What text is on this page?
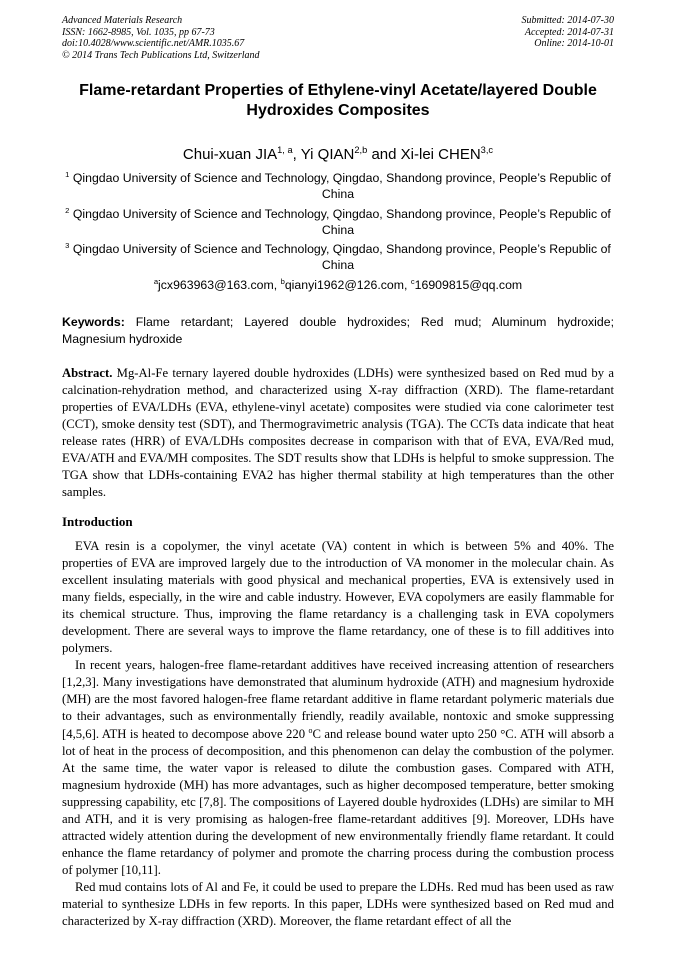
Advanced Materials Research
ISSN: 1662-8985, Vol. 1035, pp 67-73
doi:10.4028/www.scientific.net/AMR.1035.67
© 2014 Trans Tech Publications Ltd, Switzerland
Submitted: 2014-07-30
Accepted: 2014-07-31
Online: 2014-10-01
Flame-retardant Properties of Ethylene-vinyl Acetate/layered Double Hydroxides Composites
Chui-xuan JIA$^{1, a}$, Yi QIAN$^{2,b}$ and Xi-lei CHEN$^{3,c}$
$^1$ Qingdao University of Science and Technology, Qingdao, Shandong province, People’s Republic of China
$^2$ Qingdao University of Science and Technology, Qingdao, Shandong province, People’s Republic of China
$^3$ Qingdao University of Science and Technology, Qingdao, Shandong province, People’s Republic of China
$^a$jcx963963@163.com, $^b$qianyi1962@126.com, $^c$16909815@qq.com
Keywords: Flame retardant; Layered double hydroxides; Red mud; Aluminum hydroxide; Magnesium hydroxide
Abstract. Mg-Al-Fe ternary layered double hydroxides (LDHs) were synthesized based on Red mud by a calcination-rehydration method, and characterized using X-ray diffraction (XRD). The flame-retardant properties of EVA/LDHs (EVA, ethylene-vinyl acetate) composites were studied via cone calorimeter test (CCT), smoke density test (SDT), and Thermogravimetric analysis (TGA). The CCTs data indicate that heat release rates (HRR) of EVA/LDHs composites decrease in comparison with that of EVA, EVA/Red mud, EVA/ATH and EVA/MH composites. The SDT results show that LDHs is helpful to smoke suppression. The TGA show that LDHs-containing EVA2 has higher thermal stability at high temperatures than the other samples.
Introduction

EVA resin is a copolymer, the vinyl acetate (VA) content in which is between 5% and 40%. The properties of EVA are improved largely due to the introduction of VA monomer in the molecular chain. As excellent insulating materials with good physical and mechanical properties, EVA is extensively used in many fields, especially, in the wire and cable industry. However, EVA copolymers are easily flammable for its chemical structure. Thus, improving the flame retardancy is a challenging task in EVA copolymers development. There are several ways to improve the flame retardancy, one of these is to fill additives into polymers.

In recent years, halogen-free flame-retardant additives have received increasing attention of researchers [1,2,3]. Many investigations have demonstrated that aluminum hydroxide (ATH) and magnesium hydroxide (MH) are the most favored halogen-free flame retardant additive in flame retardant polymeric materials due to their advantages, such as environmentally friendly, readily available, nontoxic and smoke suppressing [4,5,6]. ATH is heated to decompose above 220 $^o$C and release bound water upto 250 °C. ATH will absorb a lot of heat in the process of decomposition, and this phenomenon can delay the combustion of the polymer. At the same time, the water vapor is released to dilute the combustion gases. Compared with ATH, magnesium hydroxide (MH) has more advantages, such as higher decomposed temperature, better smoking suppressing capability, etc [7,8]. The compositions of Layered double hydroxides (LDHs) are similar to MH and ATH, and it is very promising as halogen-free flame-retardant additives [9]. Moreover, LDHs have attracted widely attention during the development of new environmentally friendly flame retardant. It could enhance the flame retardancy of polymer and promote the charring process during the combustion process of polymer [10,11].

Red mud contains lots of Al and Fe, it could be used to prepare the LDHs. Red mud has been used as raw material to synthesize LDHs in few reports. In this paper, LDHs were synthesized based on Red mud and characterized by X-ray diffraction (XRD). Moreover, the flame retardant effect of all the
